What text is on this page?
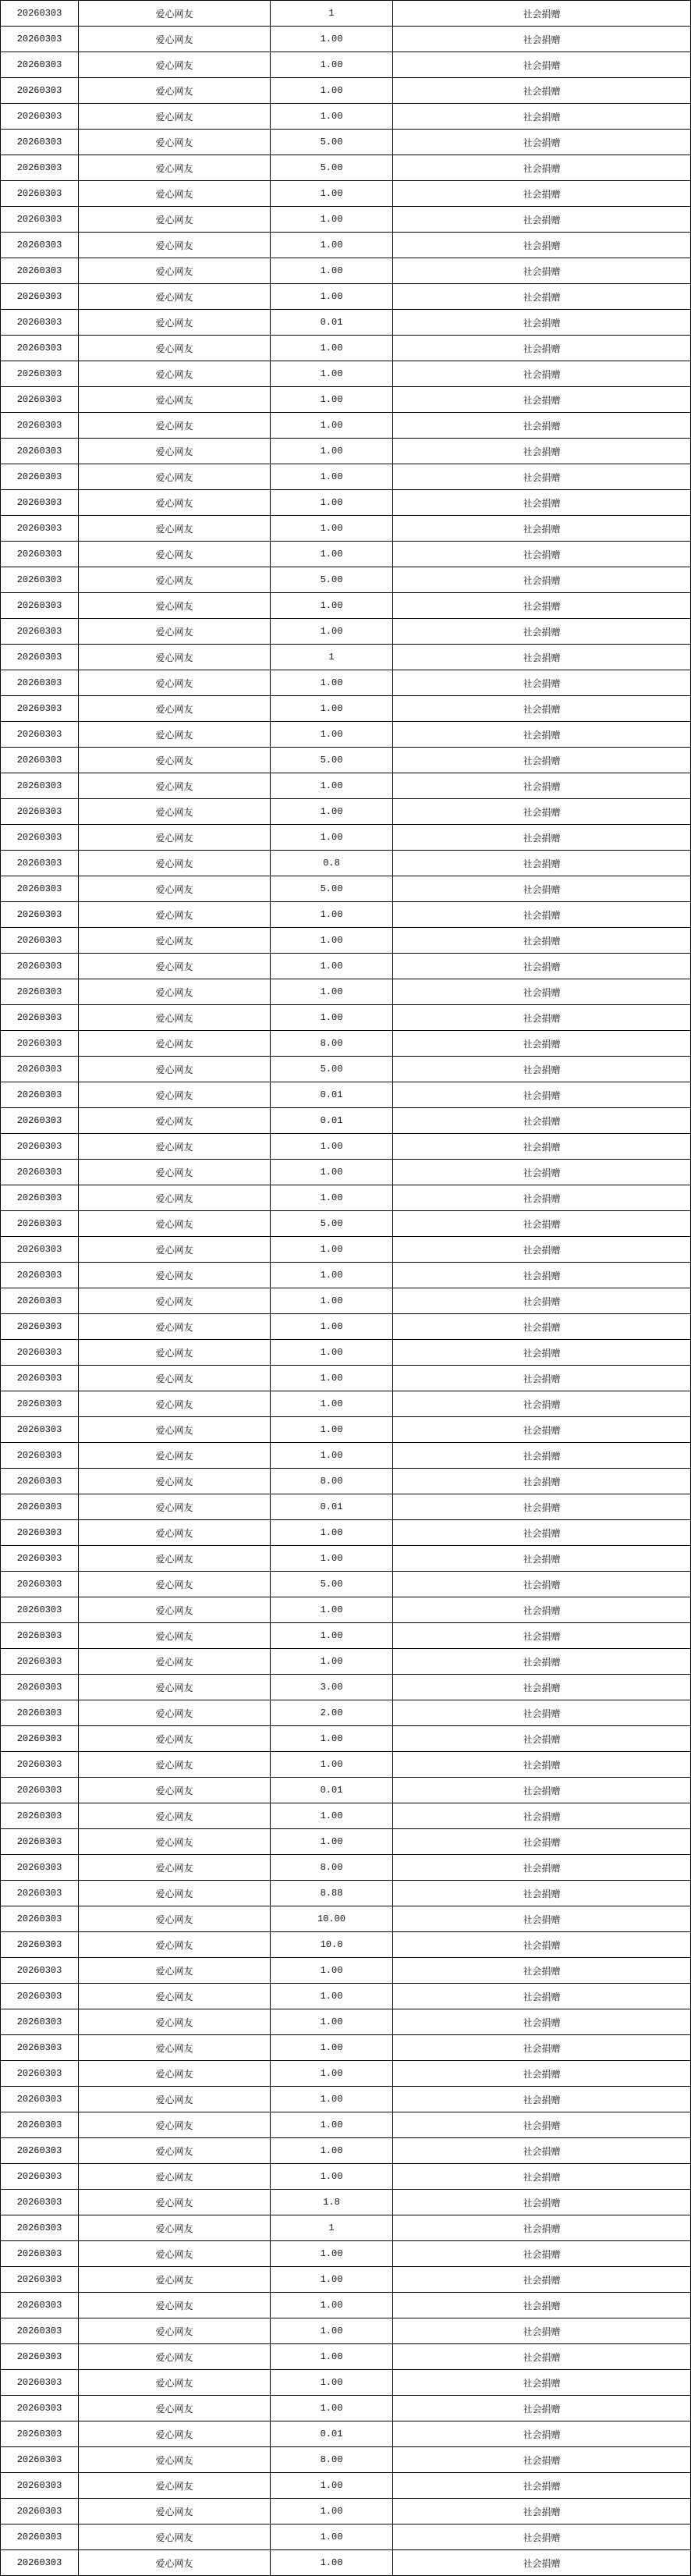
20260303	爱心网友	1	社会捐赠
20260303	爱心网友	1.00	社会捐赠
20260303	爱心网友	1.00	社会捐赠
20260303	爱心网友	1.00	社会捐赠
20260303	爱心网友	1.00	社会捐赠
20260303	爱心网友	5.00	社会捐赠
20260303	爱心网友	5.00	社会捐赠
20260303	爱心网友	1.00	社会捐赠
20260303	爱心网友	1.00	社会捐赠
20260303	爱心网友	1.00	社会捐赠
20260303	爱心网友	1.00	社会捐赠
20260303	爱心网友	1.00	社会捐赠
20260303	爱心网友	0.01	社会捐赠
20260303	爱心网友	1.00	社会捐赠
20260303	爱心网友	1.00	社会捐赠
20260303	爱心网友	1.00	社会捐赠
20260303	爱心网友	1.00	社会捐赠
20260303	爱心网友	1.00	社会捐赠
20260303	爱心网友	1.00	社会捐赠
20260303	爱心网友	1.00	社会捐赠
20260303	爱心网友	1.00	社会捐赠
20260303	爱心网友	1.00	社会捐赠
20260303	爱心网友	5.00	社会捐赠
20260303	爱心网友	1.00	社会捐赠
20260303	爱心网友	1.00	社会捐赠
20260303	爱心网友	1	社会捐赠
20260303	爱心网友	1.00	社会捐赠
20260303	爱心网友	1.00	社会捐赠
20260303	爱心网友	1.00	社会捐赠
20260303	爱心网友	5.00	社会捐赠
20260303	爱心网友	1.00	社会捐赠
20260303	爱心网友	1.00	社会捐赠
20260303	爱心网友	1.00	社会捐赠
20260303	爱心网友	0.8	社会捐赠
20260303	爱心网友	5.00	社会捐赠
20260303	爱心网友	1.00	社会捐赠
20260303	爱心网友	1.00	社会捐赠
20260303	爱心网友	1.00	社会捐赠
20260303	爱心网友	1.00	社会捐赠
20260303	爱心网友	1.00	社会捐赠
20260303	爱心网友	8.00	社会捐赠
20260303	爱心网友	5.00	社会捐赠
20260303	爱心网友	0.01	社会捐赠
20260303	爱心网友	0.01	社会捐赠
20260303	爱心网友	1.00	社会捐赠
20260303	爱心网友	1.00	社会捐赠
20260303	爱心网友	1.00	社会捐赠
20260303	爱心网友	5.00	社会捐赠
20260303	爱心网友	1.00	社会捐赠
20260303	爱心网友	1.00	社会捐赠
20260303	爱心网友	1.00	社会捐赠
20260303	爱心网友	1.00	社会捐赠
20260303	爱心网友	1.00	社会捐赠
20260303	爱心网友	1.00	社会捐赠
20260303	爱心网友	1.00	社会捐赠
20260303	爱心网友	1.00	社会捐赠
20260303	爱心网友	1.00	社会捐赠
20260303	爱心网友	8.00	社会捐赠
20260303	爱心网友	0.01	社会捐赠
20260303	爱心网友	1.00	社会捐赠
20260303	爱心网友	1.00	社会捐赠
20260303	爱心网友	5.00	社会捐赠
20260303	爱心网友	1.00	社会捐赠
20260303	爱心网友	1.00	社会捐赠
20260303	爱心网友	1.00	社会捐赠
20260303	爱心网友	3.00	社会捐赠
20260303	爱心网友	2.00	社会捐赠
20260303	爱心网友	1.00	社会捐赠
20260303	爱心网友	1.00	社会捐赠
20260303	爱心网友	0.01	社会捐赠
20260303	爱心网友	1.00	社会捐赠
20260303	爱心网友	1.00	社会捐赠
20260303	爱心网友	8.00	社会捐赠
20260303	爱心网友	8.88	社会捐赠
20260303	爱心网友	10.00	社会捐赠
20260303	爱心网友	10.0	社会捐赠
20260303	爱心网友	1.00	社会捐赠
20260303	爱心网友	1.00	社会捐赠
20260303	爱心网友	1.00	社会捐赠
20260303	爱心网友	1.00	社会捐赠
20260303	爱心网友	1.00	社会捐赠
20260303	爱心网友	1.00	社会捐赠
20260303	爱心网友	1.00	社会捐赠
20260303	爱心网友	1.00	社会捐赠
20260303	爱心网友	1.00	社会捐赠
20260303	爱心网友	1.8	社会捐赠
20260303	爱心网友	1	社会捐赠
20260303	爱心网友	1.00	社会捐赠
20260303	爱心网友	1.00	社会捐赠
20260303	爱心网友	1.00	社会捐赠
20260303	爱心网友	1.00	社会捐赠
20260303	爱心网友	1.00	社会捐赠
20260303	爱心网友	1.00	社会捐赠
20260303	爱心网友	1.00	社会捐赠
20260303	爱心网友	0.01	社会捐赠
20260303	爱心网友	8.00	社会捐赠
20260303	爱心网友	1.00	社会捐赠
20260303	爱心网友	1.00	社会捐赠
20260303	爱心网友	1.00	社会捐赠
20260303	爱心网友	1.00	社会捐赠
